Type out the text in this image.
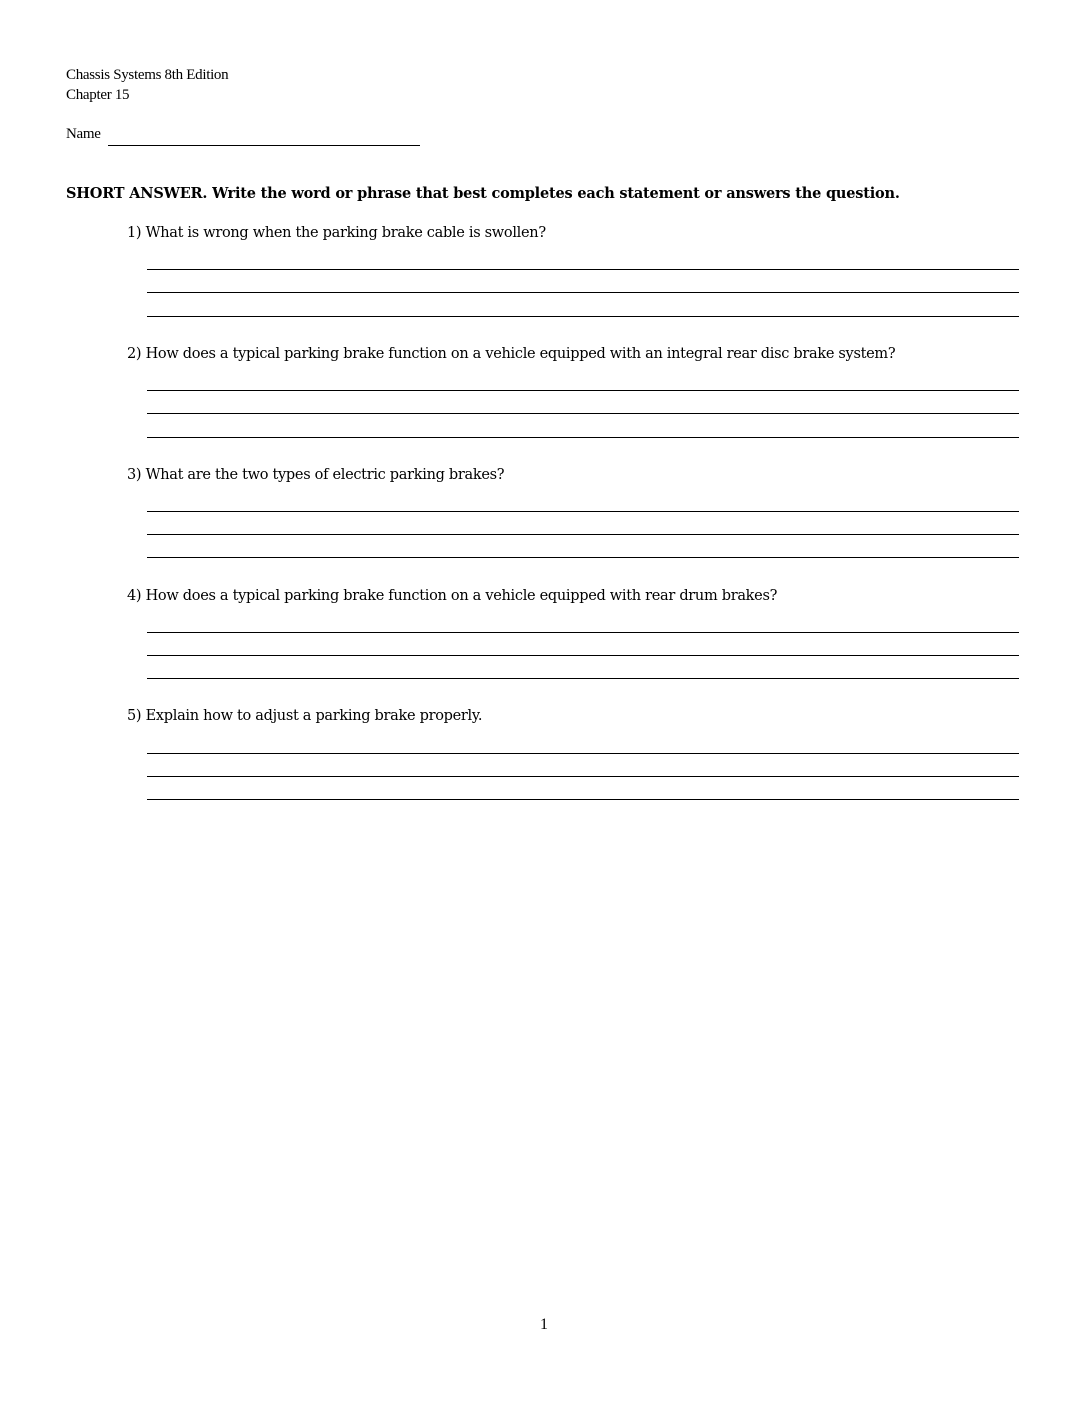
Chassis Systems 8th Edition
Chapter 15
Name
SHORT ANSWER. Write the word or phrase that best completes each statement or answers the question.
1) What is wrong when the parking brake cable is swollen?
2) How does a typical parking brake function on a vehicle equipped with an integral rear disc brake system?
3) What are the two types of electric parking brakes?
4) How does a typical parking brake function on a vehicle equipped with rear drum brakes?
5) Explain how to adjust a parking brake properly.
1
